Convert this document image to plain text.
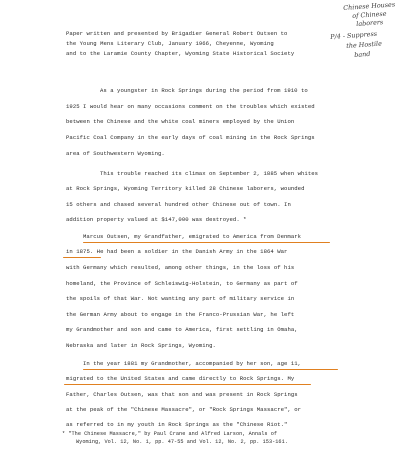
Chinese Houses
of Chinese
laborers
P/4 - Suppress
the Hostile
band
Paper written and presented by Brigadier General Robert Outsen to
the Young Mens Literary Club, January 1966, Cheyenne, Wyoming
and to the Laramie County Chapter, Wyoming State Historical Society
As a youngster in Rock Springs during the period from 1910 to
1925 I would hear on many occasions comment on the troubles which existed
between the Chinese and the white coal miners employed by the Union
Pacific Coal Company in the early days of coal mining in the Rock Springs
area of Southwestern Wyoming.
This trouble reached its climax on September 2, 1885 when whites
at Rock Springs, Wyoming Territory killed 28 Chinese laborers, wounded
15 others and chased several hundred other Chinese out of town. In
addition property valued at $147,000 was destroyed. *
Marcus Outsen, my Grandfather, emigrated to America from Denmark
in 1875. He had been a soldier in the Danish Army in the 1864 War
with Germany which resulted, among other things, in the loss of his
homeland, the Province of Schleiswig-Holstein, to Germany as part of
the spoils of that War. Not wanting any part of military service in
the German Army about to engage in the Franco-Prussian War, he left
my Grandmother and son and came to America, first settling in Omaha,
Nebraska and later in Rock Springs, Wyoming.
In the year 1881 my Grandmother, accompanied by her son, age 11,
migrated to the United States and came directly to Rock Springs. My
Father, Charles Outsen, was that son and was present in Rock Springs
at the peak of the "Chinese Massacre", or "Rock Springs Massacre", or
as referred to in my youth in Rock Springs as the "Chinese Riot."
* "The Chinese Massacre," by Paul Crane and Alfred Larson, Annals of
Wyoming, Vol. 12, No. 1, pp. 47-55 and Vol. 12, No. 2, pp. 153-161.
